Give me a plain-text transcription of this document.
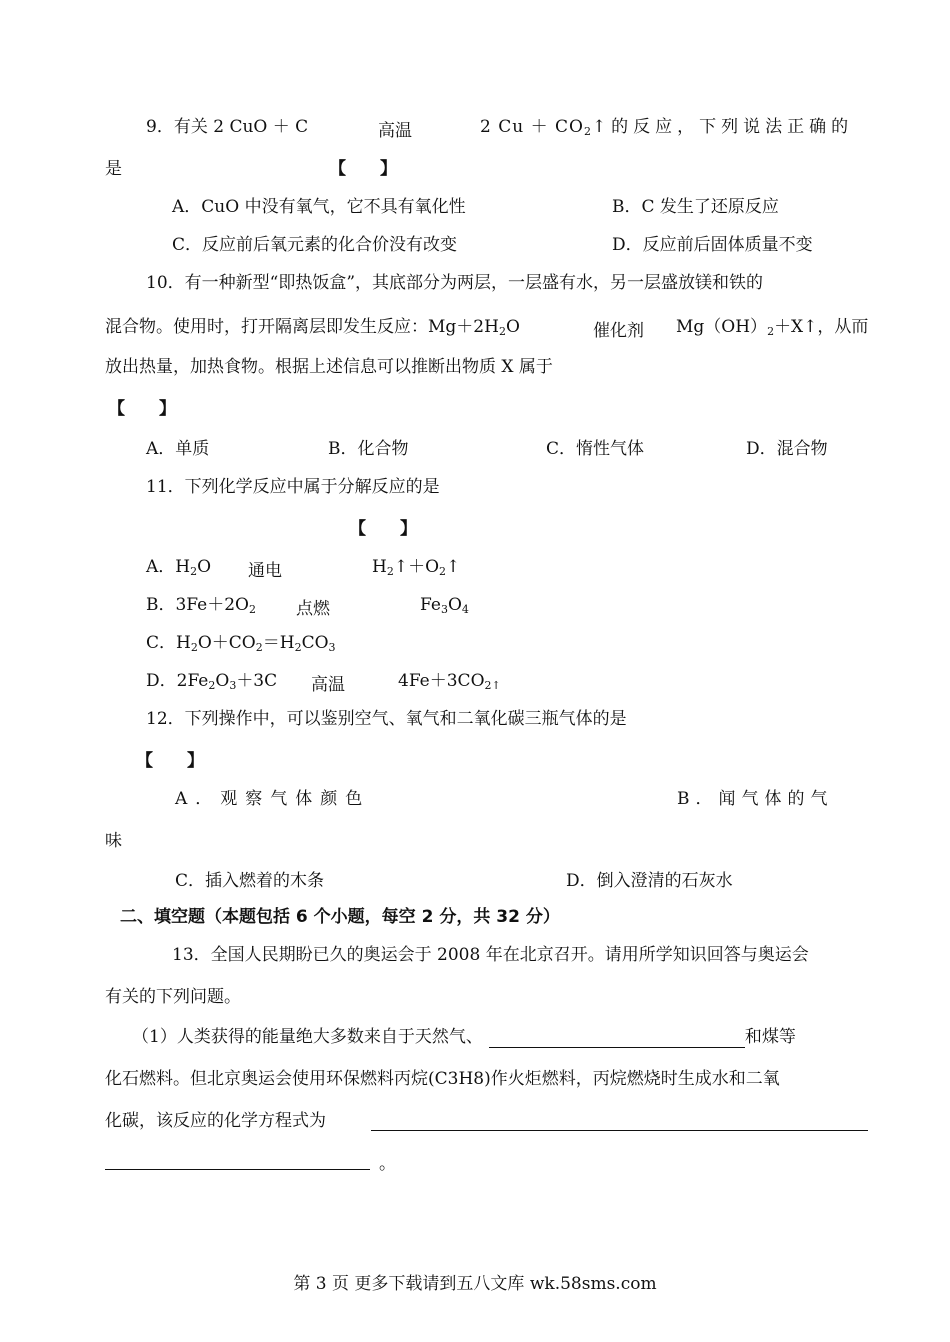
9．有关 2 CuO ＋ C	高温	2 Cu ＋ CO2↑的反应，下列说法正确的
是	【　　】
A．CuO 中没有氧气，它不具有氧化性	B．C 发生了还原反应
C．反应前后氧元素的化合价没有改变	D．反应前后固体质量不变
10．有一种新型“即热饭盒”，其底部分为两层，一层盛有水，另一层盛放镁和铁的
混合物。使用时，打开隔离层即发生反应：Mg＋2H2O	催化剂 Mg（OH）2＋X↑，从而
放出热量，加热食物。根据上述信息可以推断出物质 X 属于
【　　】
A．单质	B．化合物	C．惰性气体	D．混合物
11．下列化学反应中属于分解反应的是
【　　】
A．H2O 通电	H2↑＋O2↑
B．3Fe＋2O2 点燃	Fe3O4
C．H2O＋CO2＝H2CO3
D．2Fe2O3＋3C 高温	4Fe＋3CO2↑
12．下列操作中，可以鉴别空气、氧气和二氧化碳三瓶气体的是
【　　】
A．观察气体颜色	B．闻气体的气
味
C．插入燃着的木条	D．倒入澄清的石灰水
二、填空题（本题包括 6 个小题，每空 2 分，共 32 分）
13．全国人民期盼已久的奥运会于 2008 年在北京召开。请用所学知识回答与奥运会
有关的下列问题。
（1）人类获得的能量绝大多数来自于天然气、	和煤等
化石燃料。但北京奥运会使用环保燃料丙烷(C3H8)作火炬燃料，丙烷燃烧时生成水和二氧
化碳，该反应的化学方程式为
。
第 3 页 更多下载请到五八文库 wk.58sms.com
